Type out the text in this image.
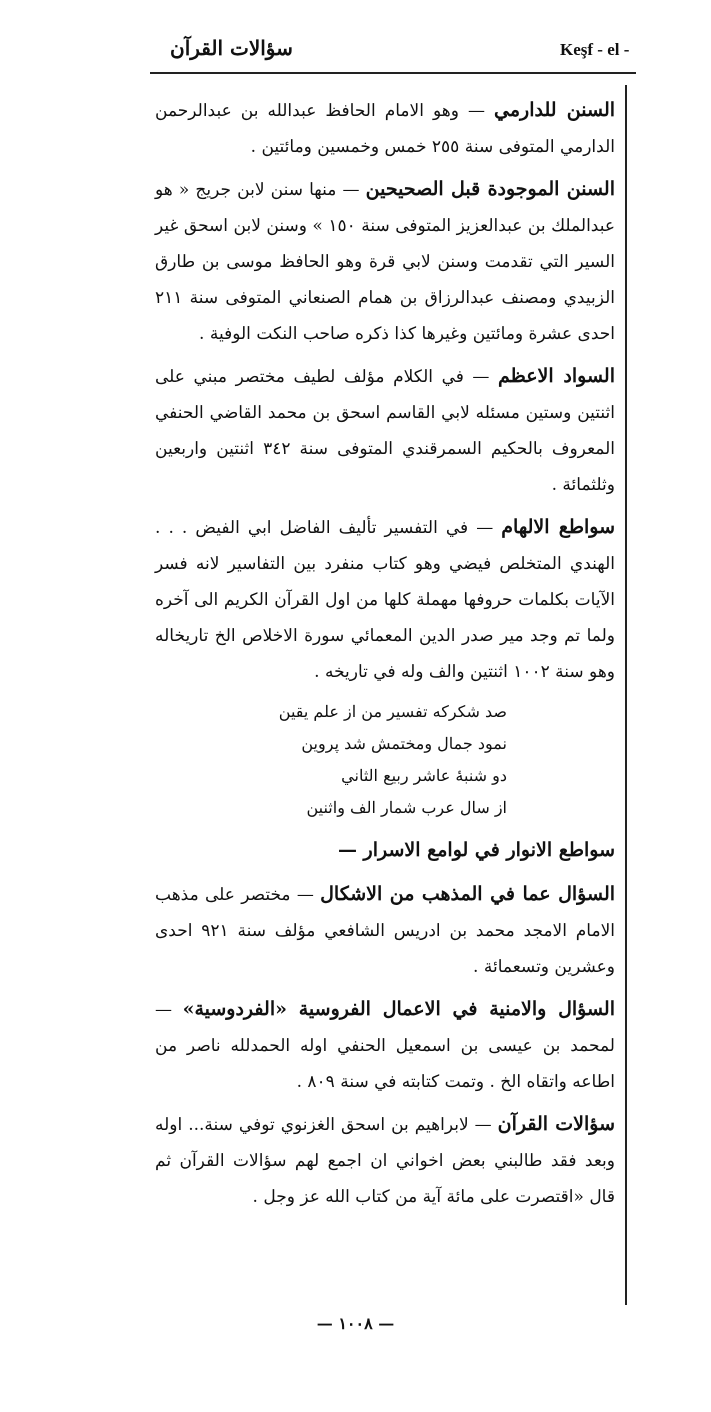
Keşf - el -
سؤالات القرآن

السنن للدارمي — وهو الامام الحافظ عبدالله بن عبدالرحمن الدارمي المتوفى سنة ٢٥٥ خمس وخمسين ومائتين .

السنن الموجودة قبل الصحيحين — منها سنن لابن جريج « هو عبدالملك بن عبدالعزيز المتوفى سنة ١٥٠ » وسنن لابن اسحق غير السير التي تقدمت وسنن لابي قرة وهو الحافظ موسى بن طارق الزبيدي ومصنف عبدالرزاق بن همام الصنعاني المتوفى سنة ٢١١ احدى عشرة ومائتين وغيرها كذا ذكره صاحب النكت الوفية .

السواد الاعظم — في الكلام مؤلف لطيف مختصر مبني على اثنتين وستين مسئله لابي القاسم اسحق بن محمد القاضي الحنفي المعروف بالحكيم السمرقندي المتوفى سنة ٣٤٢ اثنتين واربعين وثلثمائة .

سواطع الالهام — في التفسير تأليف الفاضل ابي الفيض . . . الهندي المتخلص فيضي وهو كتاب منفرد بين التفاسير لانه فسر الآيات بكلمات حروفها مهملة كلها من اول القرآن الكريم الى آخره ولما تم وجد مير صدر الدين المعمائي سورة الاخلاص الخ تاريخاله وهو سنة ١٠٠٢ اثنتين والف وله في تاريخه .

صد شكركه تفسير من از علم يقين
نمود جمال ومختمش شد پروين
دو شنبهٔ عاشر ربيع الثاني
از سال عرب شمار الف واثنين
سواطع الانوار في لوامع الاسرار —

السؤال عما في المذهب من الاشكال — مختصر على مذهب الامام الامجد محمد بن ادريس الشافعي مؤلف سنة ٩٢١ احدى وعشرين وتسعمائة .

السؤال والامنية في الاعمال الفروسية «الفردوسية» — لمحمد بن عيسى بن اسمعيل الحنفي اوله الحمدلله ناصر من اطاعه واتقاه الخ . وتمت كتابته في سنة ٨٠٩ .

سؤالات القرآن — لابراهيم بن اسحق الغزنوي توفي سنة... اوله وبعد فقد طالبني بعض اخواني ان اجمع لهم سؤالات القرآن ثم قال «اقتصرت على مائة آية من كتاب الله عز وجل .

— ١٠٠٨ —
